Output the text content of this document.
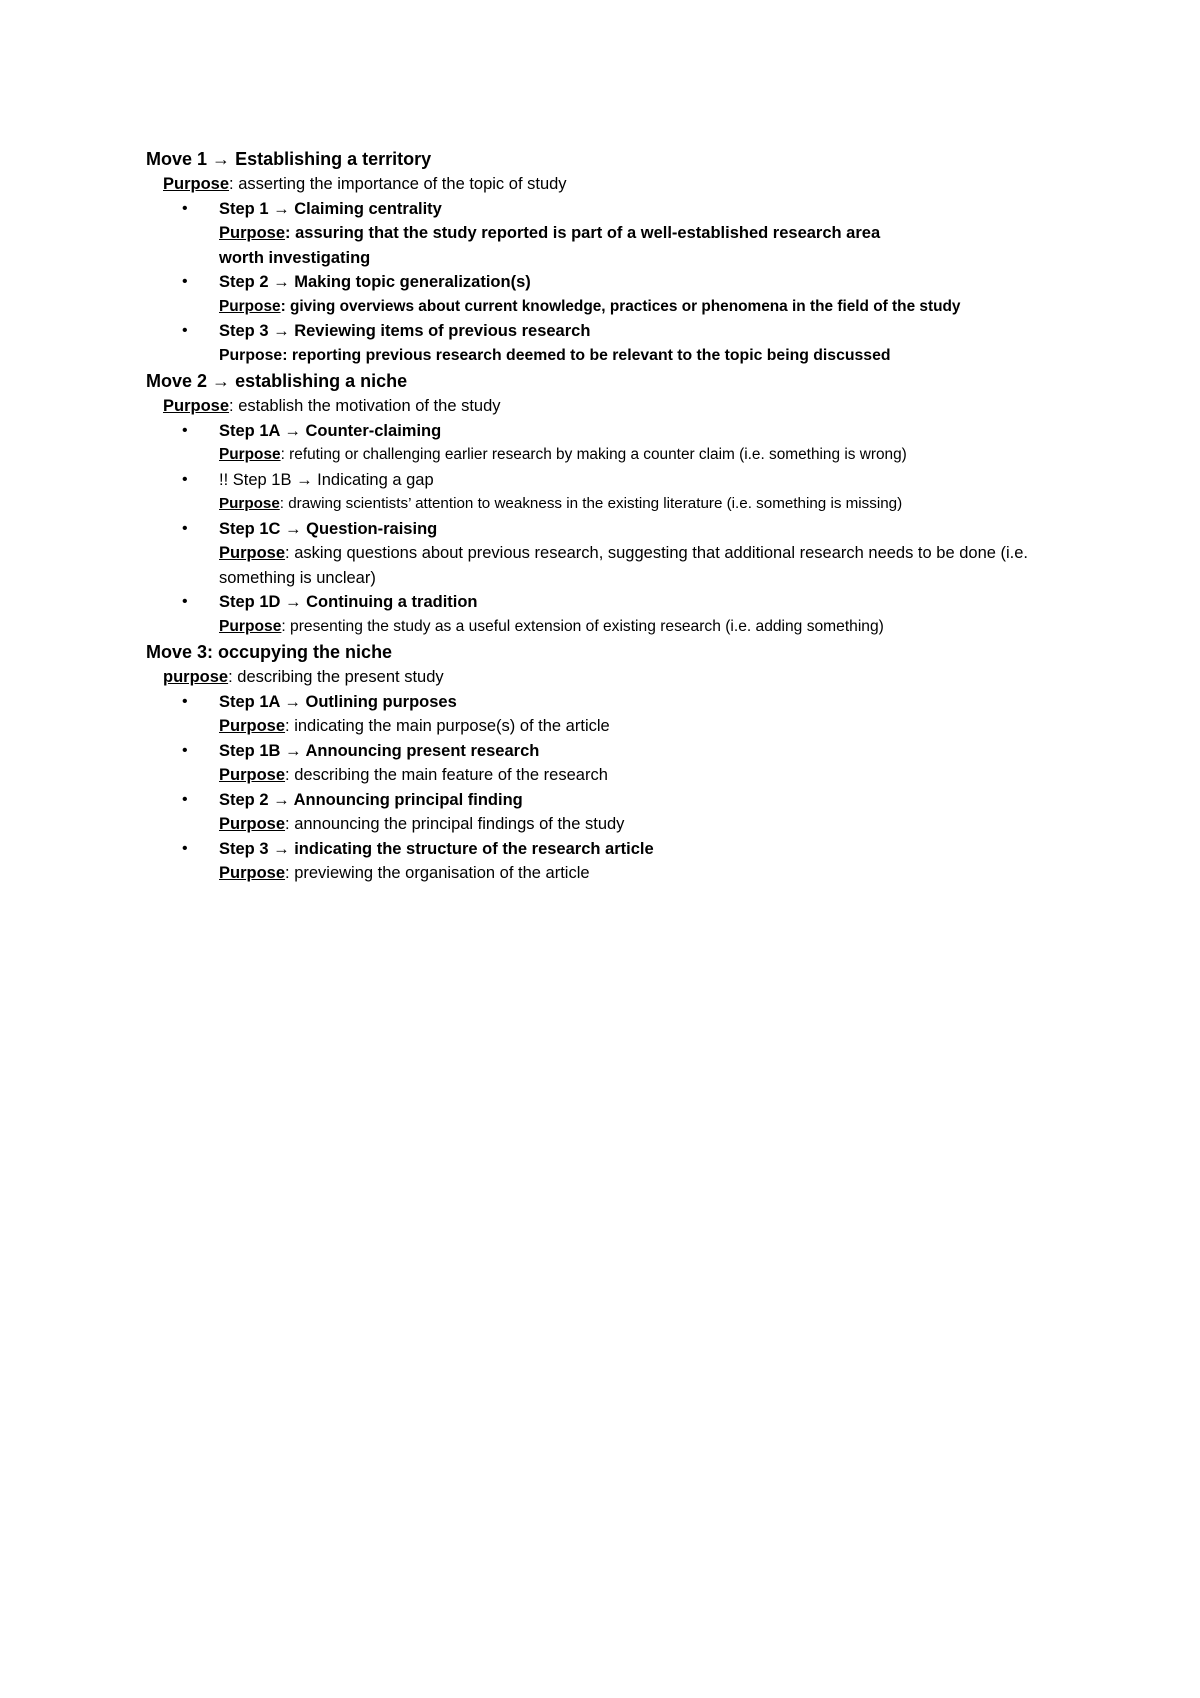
Move 1 → Establishing a territory
Purpose: asserting the importance of the topic of study
• Step 1 → Claiming centrality
Purpose: assuring that the study reported is part of a well-established research area worth investigating
• Step 2 → Making topic generalization(s)
Purpose: giving overviews about current knowledge, practices or phenomena in the field of the study
• Step 3 → Reviewing items of previous research
Purpose: reporting previous research deemed to be relevant to the topic being discussed
Move 2 → establishing a niche
Purpose: establish the motivation of the study
• Step 1A → Counter-claiming
Purpose: refuting or challenging earlier research by making a counter claim (i.e. something is wrong)
• !! Step 1B → Indicating a gap
Purpose: drawing scientists’ attention to weakness in the existing literature (i.e. something is missing)
• Step 1C → Question-raising
Purpose: asking questions about previous research, suggesting that additional research needs to be done (i.e. something is unclear)
• Step 1D → Continuing a tradition
Purpose: presenting the study as a useful extension of existing research (i.e. adding something)
Move 3: occupying the niche
purpose: describing the present study
• Step 1A → Outlining purposes
Purpose: indicating the main purpose(s) of the article
• Step 1B → Announcing present research
Purpose: describing the main feature of the research
• Step 2 → Announcing principal finding
Purpose: announcing the principal findings of the study
• Step 3 → indicating the structure of the research article
Purpose: previewing the organisation of the article
